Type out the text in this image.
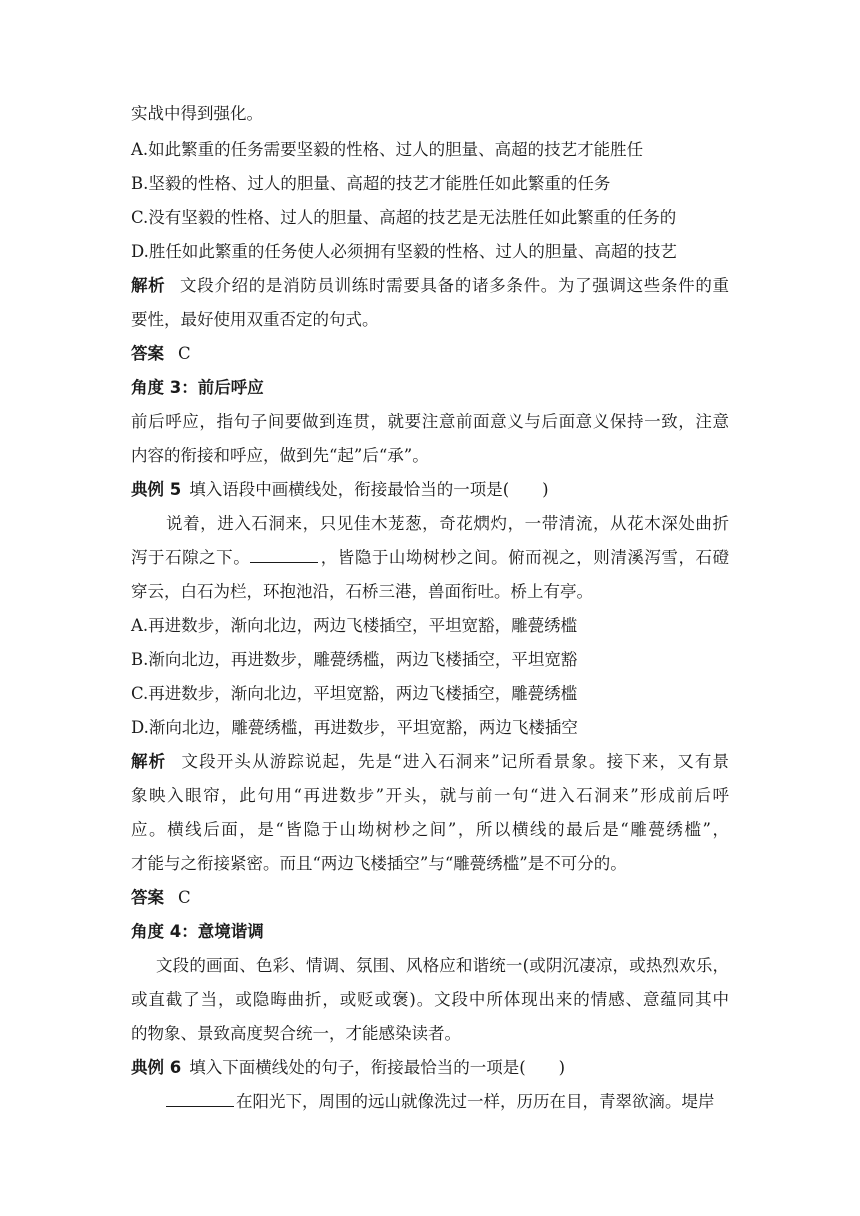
实战中得到强化。
A.如此繁重的任务需要坚毅的性格、过人的胆量、高超的技艺才能胜任
B.坚毅的性格、过人的胆量、高超的技艺才能胜任如此繁重的任务
C.没有坚毅的性格、过人的胆量、高超的技艺是无法胜任如此繁重的任务的
D.胜任如此繁重的任务使人必须拥有坚毅的性格、过人的胆量、高超的技艺
解析 文段介绍的是消防员训练时需要具备的诸多条件。为了强调这些条件的重
要性，最好使用双重否定的句式。
答案 C
角度 3：前后呼应
前后呼应，指句子间要做到连贯，就要注意前面意义与后面意义保持一致，注意
内容的衔接和呼应，做到先“起”后“承”。
典例 5 填入语段中画横线处，衔接最恰当的一项是(　　)
说着，进入石洞来，只见佳木茏葱，奇花熌灼，一带清流，从花木深处曲折
泻于石隙之下。	，皆隐于山坳树杪之间。俯而视之，则清溪泻雪，石磴
穿云，白石为栏，环抱池沿，石桥三港，兽面衔吐。桥上有亭。
A.再进数步，渐向北边，两边飞楼插空，平坦宽豁，雕甍绣槛
B.渐向北边，再进数步，雕甍绣槛，两边飞楼插空，平坦宽豁
C.再进数步，渐向北边，平坦宽豁，两边飞楼插空，雕甍绣槛
D.渐向北边，雕甍绣槛，再进数步，平坦宽豁，两边飞楼插空
解析 文段开头从游踪说起，先是“进入石洞来”记所看景象。接下来，又有景
象映入眼帘，此句用“再进数步”开头，就与前一句“进入石洞来”形成前后呼
应。横线后面，是“皆隐于山坳树杪之间”，所以横线的最后是“雕甍绣槛”，
才能与之衔接紧密。而且“两边飞楼插空”与“雕甍绣槛”是不可分的。
答案 C
角度 4：意境谐调
文段的画面、色彩、情调、氛围、风格应和谐统一(或阴沉凄凉，或热烈欢乐，
或直截了当，或隐晦曲折，或贬或褒)。文段中所体现出来的情感、意蕴同其中
的物象、景致高度契合统一，才能感染读者。
典例 6 填入下面横线处的句子，衔接最恰当的一项是(　　)
在阳光下，周围的远山就像洗过一样，历历在目，青翠欲滴。堤岸
